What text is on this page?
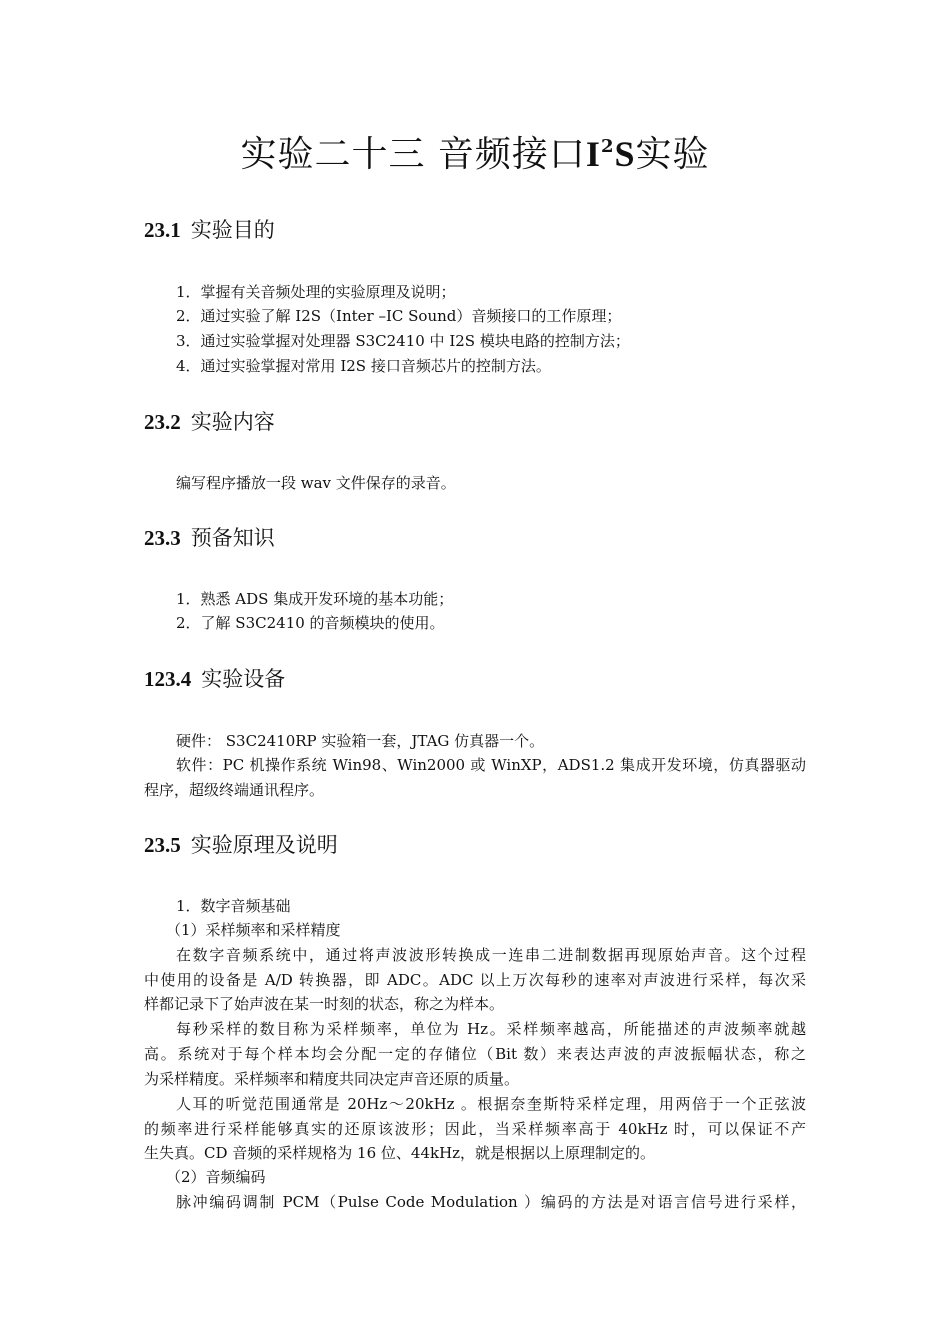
实验二十三 音频接口$I^2S$实验
23.1 实验目的
1．掌握有关音频处理的实验原理及说明；
2．通过实验了解 I2S（Inter –IC Sound）音频接口的工作原理；
3．通过实验掌握对处理器 S3C2410 中 I2S 模块电路的控制方法；
4．通过实验掌握对常用 I2S 接口音频芯片的控制方法。
23.2 实验内容
编写程序播放一段 wav 文件保存的录音。
23.3 预备知识
1．熟悉 ADS 集成开发环境的基本功能；
2．了解 S3C2410 的音频模块的使用。
123.4 实验设备
硬件： S3C2410RP 实验箱一套，JTAG 仿真器一个。
软件：PC 机操作系统 Win98、Win2000 或 WinXP，ADS1.2 集成开发环境，仿真器驱动
程序，超级终端通讯程序。
23.5 实验原理及说明
1．数字音频基础
（1）采样频率和采样精度
在数字音频系统中，通过将声波波形转换成一连串二进制数据再现原始声音。这个过程
中使用的设备是 A/D 转换器，即 ADC。ADC 以上万次每秒的速率对声波进行采样，每次采
样都记录下了始声波在某一时刻的状态，称之为样本。
每秒采样的数目称为采样频率，单位为 Hz。采样频率越高，所能描述的声波频率就越
高。系统对于每个样本均会分配一定的存储位（Bit 数）来表达声波的声波振幅状态，称之
为采样精度。采样频率和精度共同决定声音还原的质量。
人耳的听觉范围通常是 20Hz～20kHz 。根据奈奎斯特采样定理，用两倍于一个正弦波
的频率进行采样能够真实的还原该波形；因此，当采样频率高于 40kHz 时，可以保证不产
生失真。CD 音频的采样规格为 16 位、44kHz，就是根据以上原理制定的。
（2）音频编码
脉冲编码调制 PCM（Pulse Code Modulation ）编码的方法是对语言信号进行采样，
